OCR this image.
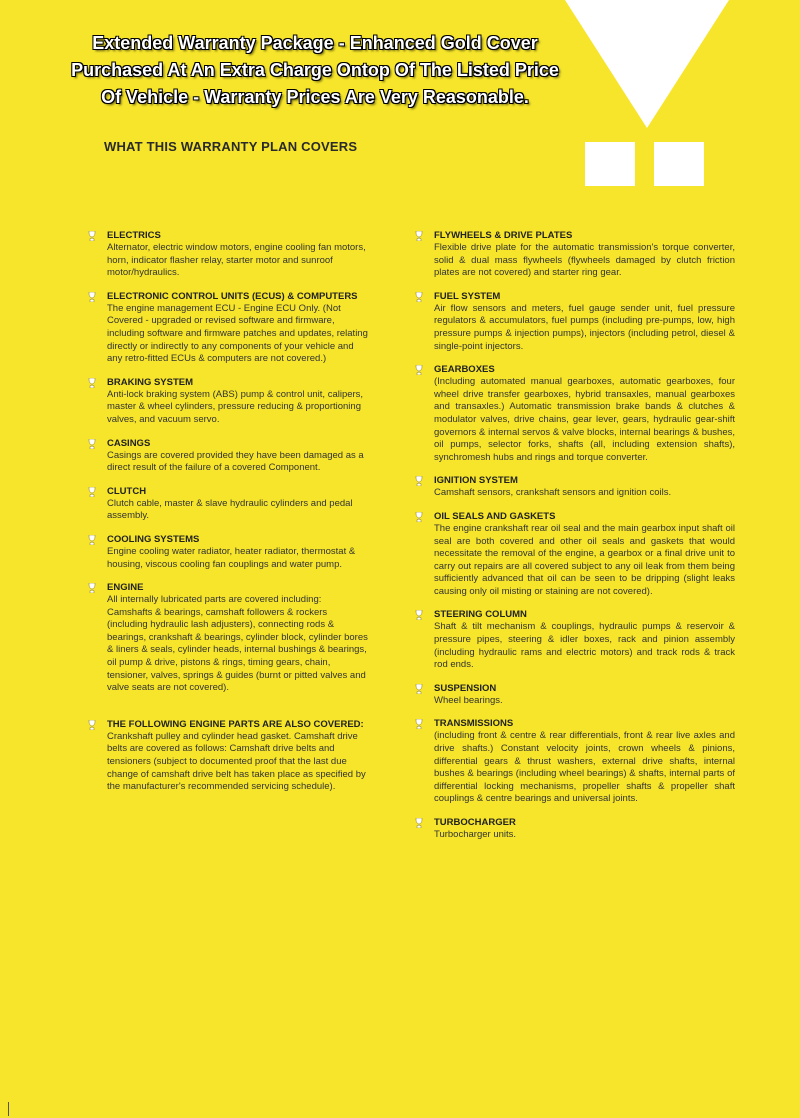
Extended Warranty Package - Enhanced Gold Cover
Purchased At An Extra Charge Ontop Of The Listed Price
Of Vehicle - Warranty Prices Are Very Reasonable.
WHAT THIS WARRANTY PLAN COVERS
ELECTRICS
Alternator, electric window motors, engine cooling fan motors, horn, indicator flasher relay, starter motor and sunroof motor/hydraulics.
ELECTRONIC CONTROL UNITS (ECUS) & COMPUTERS
The engine management ECU - Engine ECU Only. (Not Covered - upgraded or revised software and firmware, including software and firmware patches and updates, relating directly or indirectly to any components of your vehicle and any retro-fitted ECUs & computers are not covered.)
BRAKING SYSTEM
Anti-lock braking system (ABS) pump & control unit, calipers, master & wheel cylinders, pressure reducing & proportioning valves, and vacuum servo.
CASINGS
Casings are covered provided they have been damaged as a direct result of the failure of a covered Component.
CLUTCH
Clutch cable, master & slave hydraulic cylinders and pedal assembly.
COOLING SYSTEMS
Engine cooling water radiator, heater radiator, thermostat & housing, viscous cooling fan couplings and water pump.
ENGINE
All internally lubricated parts are covered including: Camshafts & bearings, camshaft followers & rockers (including hydraulic lash adjusters), connecting rods & bearings, crankshaft & bearings, cylinder block, cylinder bores & liners & seals, cylinder heads, internal bushings & bearings, oil pump & drive, pistons & rings, timing gears, chain, tensioner, valves, springs & guides (burnt or pitted valves and valve seats are not covered).
THE FOLLOWING ENGINE PARTS ARE ALSO COVERED:
Crankshaft pulley and cylinder head gasket. Camshaft drive belts are covered as follows: Camshaft drive belts and tensioners (subject to documented proof that the last due change of camshaft drive belt has taken place as specified by the manufacturer's recommended servicing schedule).
FLYWHEELS & DRIVE PLATES
Flexible drive plate for the automatic transmission's torque converter, solid & dual mass flywheels (flywheels damaged by clutch friction plates are not covered) and starter ring gear.
FUEL SYSTEM
Air flow sensors and meters, fuel gauge sender unit, fuel pressure regulators & accumulators, fuel pumps (including pre-pumps, low, high pressure pumps & injection pumps), injectors (including petrol, diesel & single-point injectors.
GEARBOXES
(Including automated manual gearboxes, automatic gearboxes, four wheel drive transfer gearboxes, hybrid transaxles, manual gearboxes and transaxles.) Automatic transmission brake bands & clutches & modulator valves, drive chains, gear lever, gears, hydraulic gear-shift governors & internal servos & valve blocks, internal bearings & bushes, oil pumps, selector forks, shafts (all, including extension shafts), synchromesh hubs and rings and torque converter.
IGNITION SYSTEM
Camshaft sensors, crankshaft sensors and ignition coils.
OIL SEALS AND GASKETS
The engine crankshaft rear oil seal and the main gearbox input shaft oil seal are both covered and other oil seals and gaskets that would necessitate the removal of the engine, a gearbox or a final drive unit to carry out repairs are all covered subject to any oil leak from them being sufficiently advanced that oil can be seen to be dripping (slight leaks causing only oil misting or staining are not covered).
STEERING COLUMN
Shaft & tilt mechanism & couplings, hydraulic pumps & reservoir & pressure pipes, steering & idler boxes, rack and pinion assembly (including hydraulic rams and electric motors) and track rods & track rod ends.
SUSPENSION
Wheel bearings.
TRANSMISSIONS
(including front & centre & rear differentials, front & rear live axles and drive shafts.) Constant velocity joints, crown wheels & pinions, differential gears & thrust washers, external drive shafts, internal bushes & bearings (including wheel bearings) & shafts, internal parts of differential locking mechanisms, propeller shafts & propeller shaft couplings & centre bearings and universal joints.
TURBOCHARGER
Turbocharger units.
